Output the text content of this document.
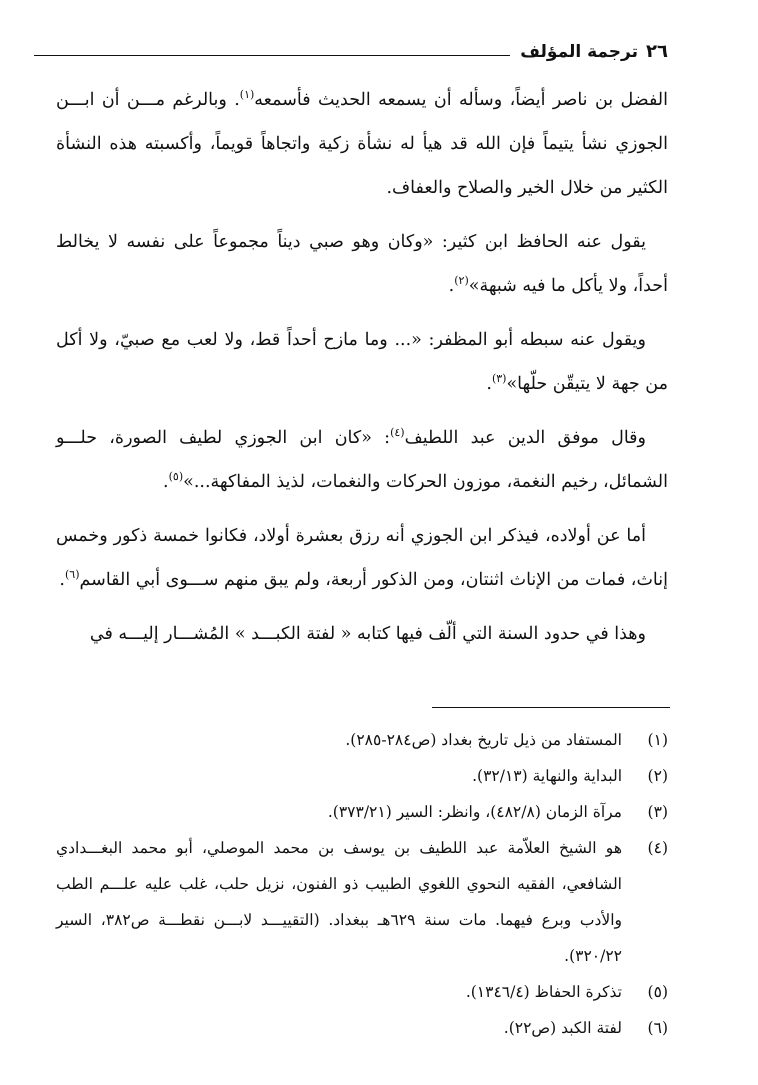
٢٦
ترجمة المؤلف

الفضل بن ناصر أيضاً، وسأله أن يسمعه الحديث فأسمعه$^{(١)}$. وبالرغم مـــن أن ابـــن الجوزي نشأ يتيماً فإن الله قد هيأ له نشأة زكية واتجاهاً قويماً، وأكسبته هذه النشأة الكثير من خلال الخير والصلاح والعفاف.

يقول عنه الحافظ ابن كثير: «وكان وهو صبي ديناً مجموعاً على نفسه لا يخالط أحداً، ولا يأكل ما فيه شبهة»$^{(٢)}$.

ويقول عنه سبطه أبو المظفر: «... وما مازح أحداً قط، ولا لعب مع صبيّ، ولا أكل من جهة لا يتيقّن حلّها»$^{(٣)}$.

وقال موفق الدين عبد اللطيف$^{(٤)}$: «كان ابن الجوزي لطيف الصورة، حلـــو الشمائل، رخيم النغمة، موزون الحركات والنغمات، لذيذ المفاكهة...»$^{(٥)}$.

أما عن أولاده، فيذكر ابن الجوزي أنه رزق بعشرة أولاد، فكانوا خمسة ذكور وخمس إناث، فمات من الإناث اثنتان، ومن الذكور أربعة، ولم يبق منهم ســـوى أبي القاسم$^{(٦)}$.

وهذا في حدود السنة التي ألّف فيها كتابه « لفتة الكبـــد » المُشـــار إليـــه في

(١)
المستفاد من ذيل تاريخ بغداد (ص٢٨٤-٢٨٥).
(٢)
البداية والنهاية (٣٢/١٣).
(٣)
مرآة الزمان (٤٨٢/٨)، وانظر: السير (٣٧٣/٢١).
(٤)
هو الشيخ العلاّمة عبد اللطيف بن يوسف بن محمد الموصلي، أبو محمد البغـــدادي الشافعي، الفقيه النحوي اللغوي الطبيب ذو الفنون، نزيل حلب، غلب عليه علـــم الطب والأدب وبرع فيهما. مات سنة ٦٢٩هـ ببغداد. (التقييـــد لابـــن نقطـــة ص٣٨٢، السير ٣٢٠/٢٢).
(٥)
تذكرة الحفاظ (١٣٤٦/٤).
(٦)
لفتة الكبد (ص٢٢).
